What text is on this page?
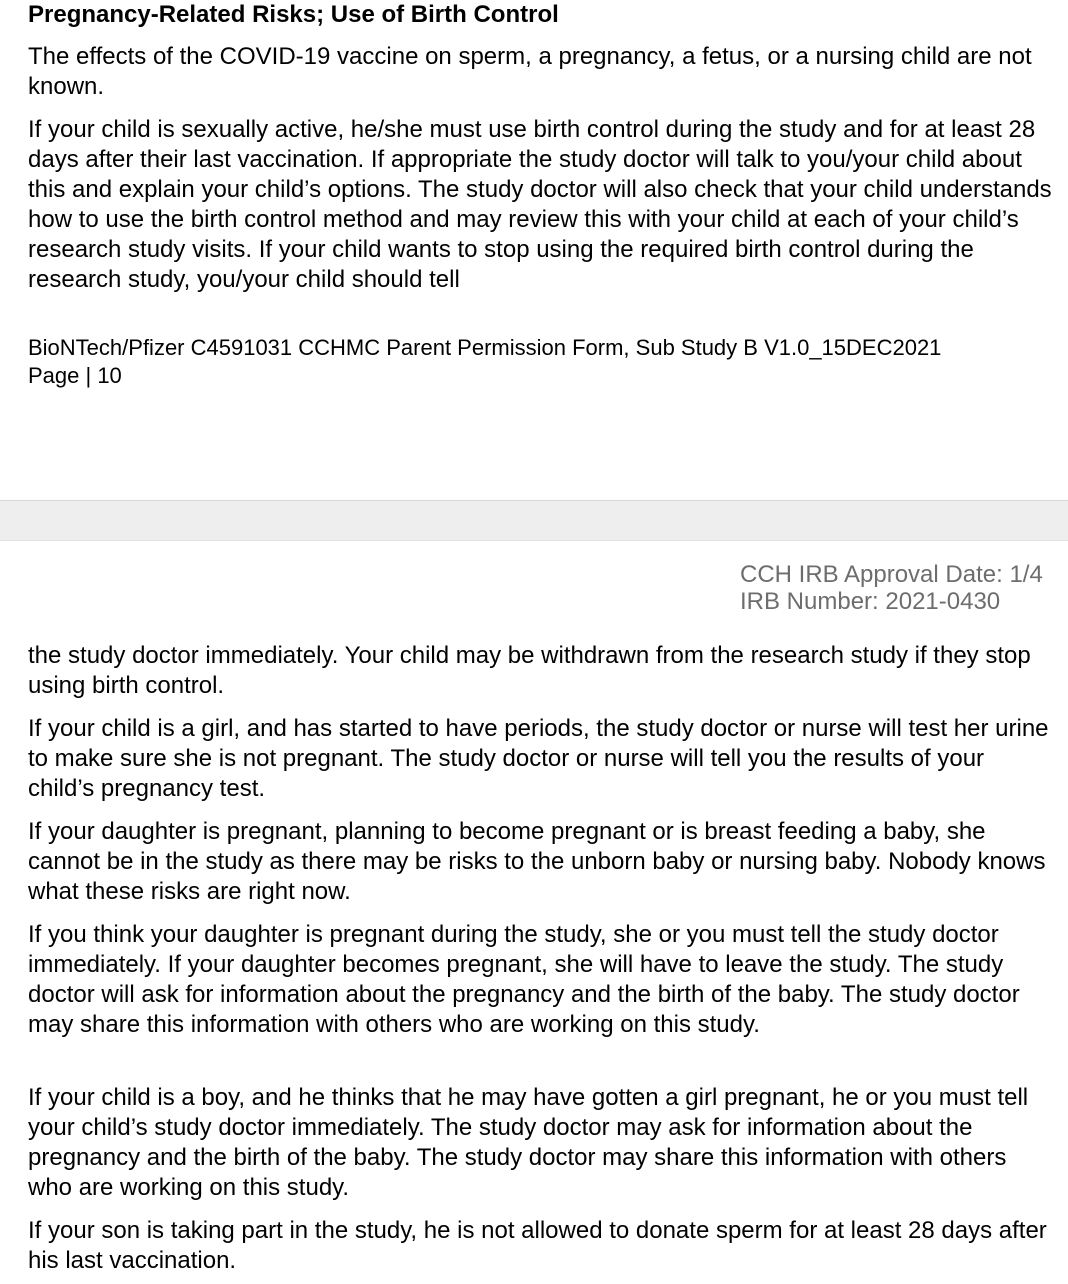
Pregnancy-Related Risks; Use of Birth Control

The effects of the COVID-19 vaccine on sperm, a pregnancy, a fetus, or a nursing child are not known.

If your child is sexually active, he/she must use birth control during the study and for at least 28 days after their last vaccination. If appropriate the study doctor will talk to you/your child about this and explain your child’s options. The study doctor will also check that your child understands how to use the birth control method and may review this with your child at each of your child’s research study visits. If your child wants to stop using the required birth control during the research study, you/your child should tell

BioNTech/Pfizer C4591031 CCHMC Parent Permission Form, Sub Study B V1.0_15DEC2021

Page | 10

CCH IRB Approval Date: 1/4

IRB Number: 2021-0430

the study doctor immediately. Your child may be withdrawn from the research study if they stop using birth control.

If your child is a girl, and has started to have periods, the study doctor or nurse will test her urine to make sure she is not pregnant. The study doctor or nurse will tell you the results of your child’s pregnancy test.

If your daughter is pregnant, planning to become pregnant or is breast feeding a baby, she cannot be in the study as there may be risks to the unborn baby or nursing baby. Nobody knows what these risks are right now.

If you think your daughter is pregnant during the study, she or you must tell the study doctor immediately. If your daughter becomes pregnant, she will have to leave the study. The study doctor will ask for information about the pregnancy and the birth of the baby. The study doctor may share this information with others who are working on this study.

If your child is a boy, and he thinks that he may have gotten a girl pregnant, he or you must tell your child’s study doctor immediately. The study doctor may ask for information about the pregnancy and the birth of the baby. The study doctor may share this information with others who are working on this study.

If your son is taking part in the study, he is not allowed to donate sperm for at least 28 days after his last vaccination.
